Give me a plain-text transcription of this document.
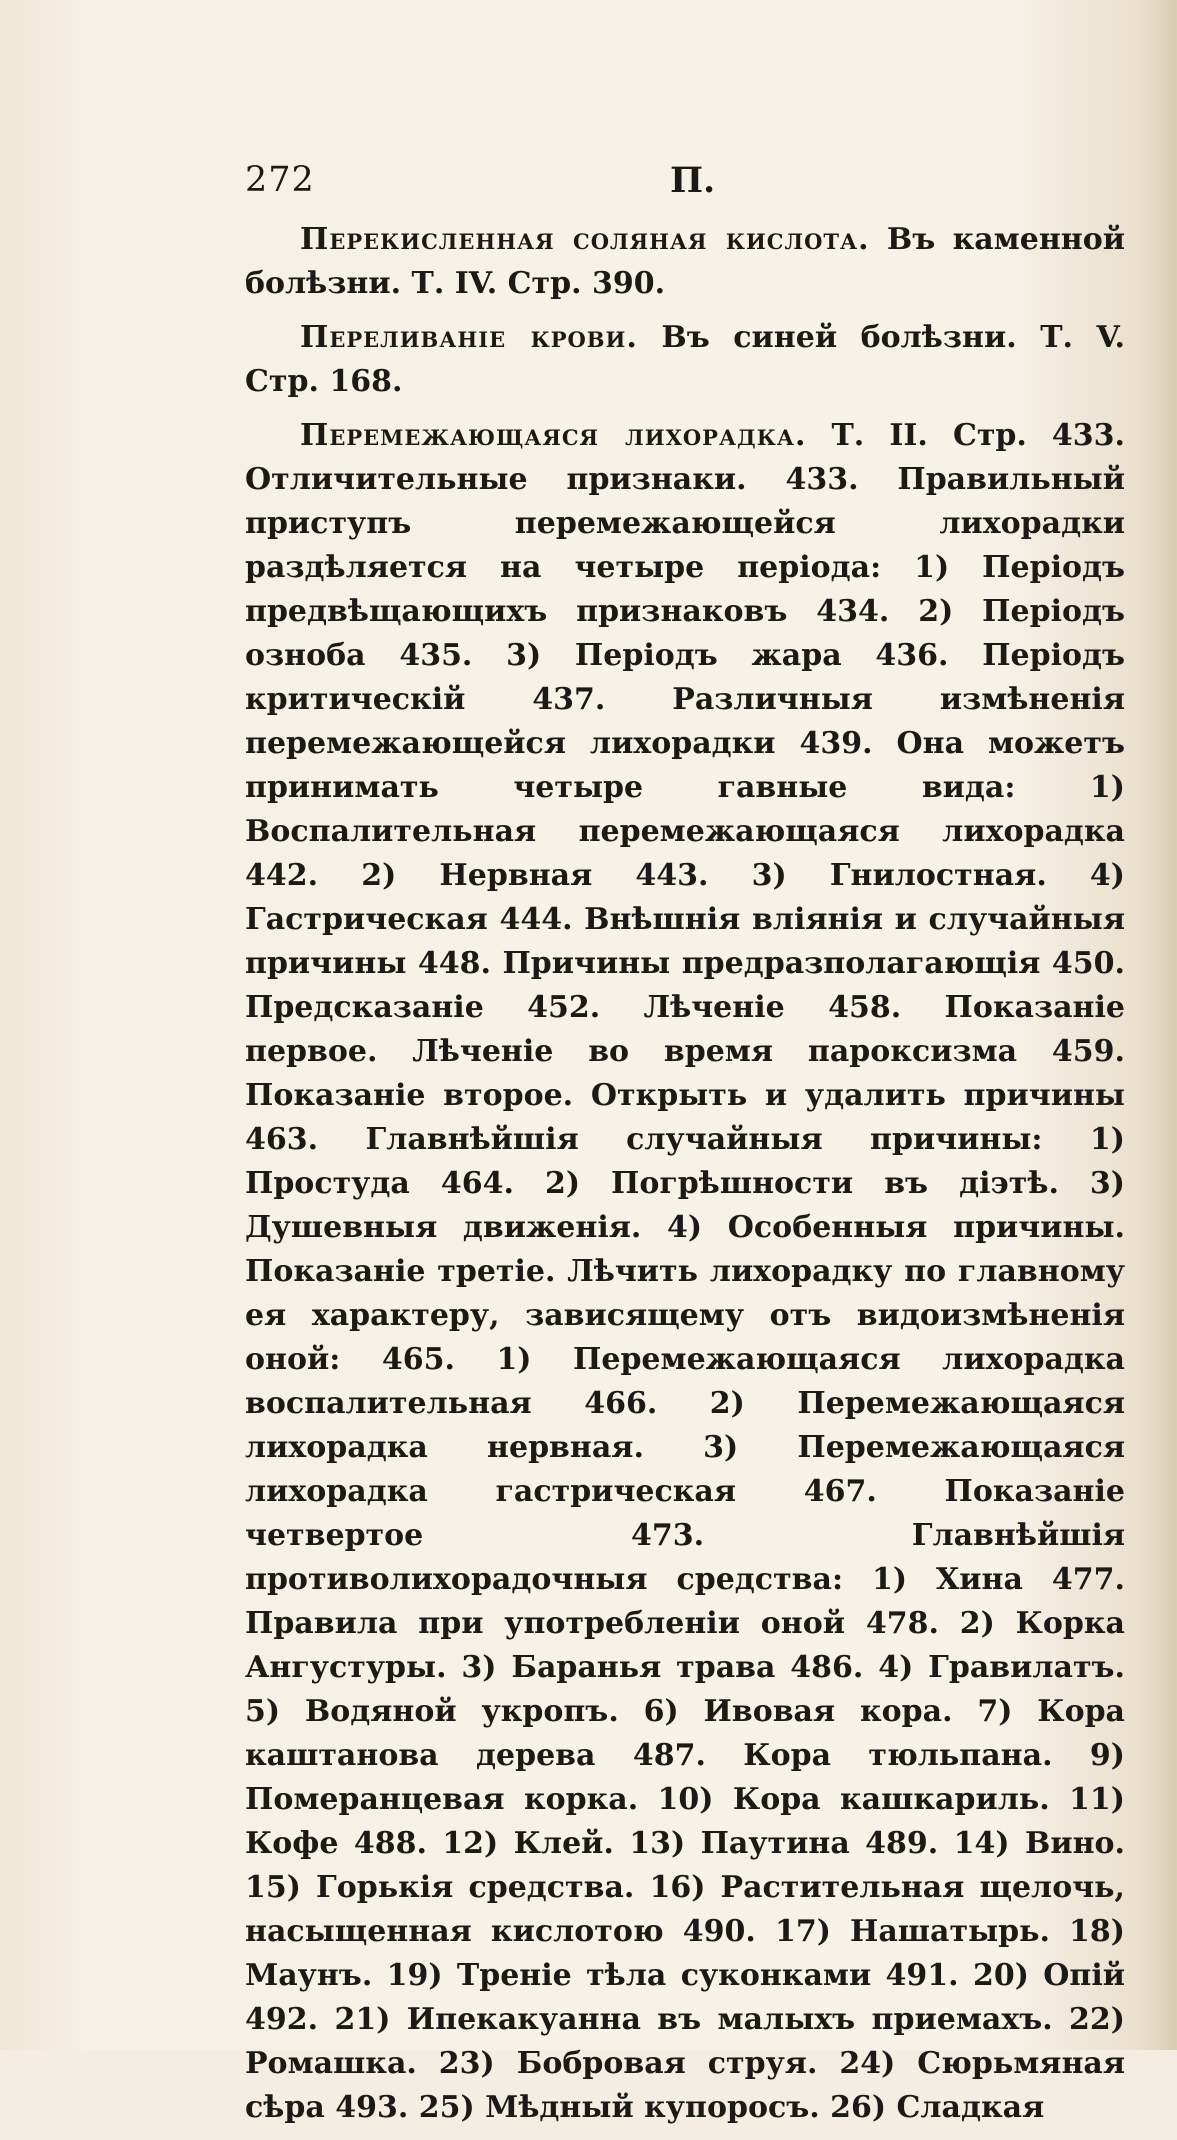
272	П.

Перекисленная соляная кислота. Въ каменной болѣзни. Т. IV. Стр. 390.

Переливаніе крови. Въ синей болѣзни. Т. V. Стр. 168.

Перемежающаяся лихорадка. Т. II. Стр. 433. Отличительные признаки. 433. Правильный приступъ перемежающейся лихорадки раздѣляется на четыре періода: 1) Періодъ предвѣщающихъ признаковъ 434. 2) Періодъ озноба 435. 3) Періодъ жара 436. Періодъ критическій 437. Различныя измѣненія перемежающейся лихорадки 439. Она можетъ принимать четыре гавные вида: 1) Воспалительная перемежающаяся лихорадка 442. 2) Нервная 443. 3) Гнилостная. 4) Гастрическая 444. Внѣшнія вліянія и случайныя причины 448. Причины предразполагающія 450. Предсказаніе 452. Лѣченіе 458. Показаніе первое. Лѣченіе во время пароксизма 459. Показаніе второе. Открыть и удалить причины 463. Главнѣйшія случайныя причины: 1) Простуда 464. 2) Погрѣшности въ діэтѣ. 3) Душевныя движенія. 4) Особенныя причины. Показаніе третіе. Лѣчить лихорадку по главному ея характеру, зависящему отъ видоизмѣненія оной: 465. 1) Перемежающаяся лихорадка воспалительная 466. 2) Перемежающаяся лихорадка нервная. 3) Перемежающаяся лихорадка гастрическая 467. Показаніе четвертое 473. Главнѣйшія противолихорадочныя средства: 1) Хина 477. Правила при употребленіи оной 478. 2) Корка Ангустуры. 3) Баранья трава 486. 4) Гравилатъ. 5) Водяной укропъ. 6) Ивовая кора. 7) Кора каштанова дерева 487. Кора тюльпана. 9) Померанцевая корка. 10) Кора кашкариль. 11) Кофе 488. 12) Клей. 13) Паутина 489. 14) Вино. 15) Горькія средства. 16) Растительная щелочь, насыщенная кислотою 490. 17) Нашатырь. 18) Маунъ. 19) Треніе тѣла суконками 491. 20) Опій 492. 21) Ипекакуанна въ малыхъ приемахъ. 22) Ромашка. 23) Бобровая струя. 24) Сюрьмяная сѣра 493. 25) Мѣдный купоросъ. 26) Сладкая
